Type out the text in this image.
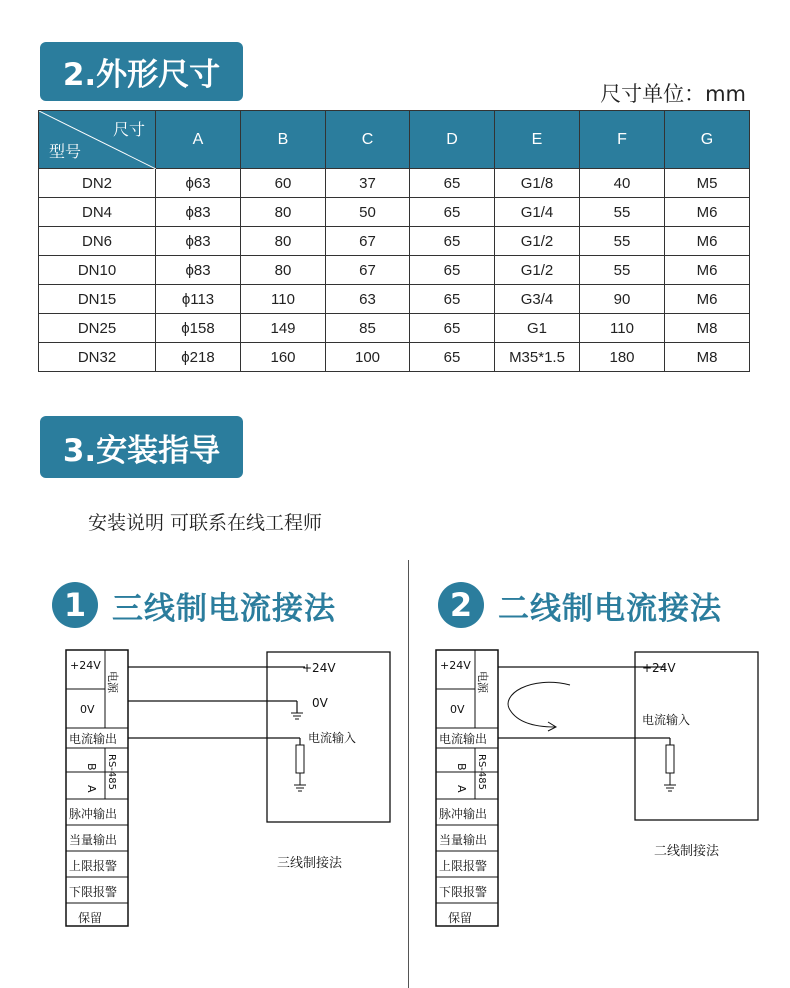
2.外形尺寸
尺寸单位：mm
尺寸
型号	A	B	C	D	E	F	G
DN2	ϕ63	60	37	65	G1/8	40	M5
DN4	ϕ83	80	50	65	G1/4	55	M6
DN6	ϕ83	80	67	65	G1/2	55	M6
DN10	ϕ83	80	67	65	G1/2	55	M6
DN15	ϕ113	110	63	65	G3/4	90	M6
DN25	ϕ158	149	85	65	G1	110	M8
DN32	ϕ218	160	100	65	M35*1.5	180	M8
3.安装指导
安装说明 可联系在线工程师
1 三线制电流接法	2 二线制电流接法
+24V
0V
电流输出
B
A
脉冲输出
当量输出
上限报警
下限报警
电源
RS-485
保留
+24V
0V
电流输入
三线制接法
+24V
0V
电流输出
B
A
脉冲输出
当量输出
上限报警
下限报警
电源
RS-485
保留
+24V
电流输入
二线制接法
